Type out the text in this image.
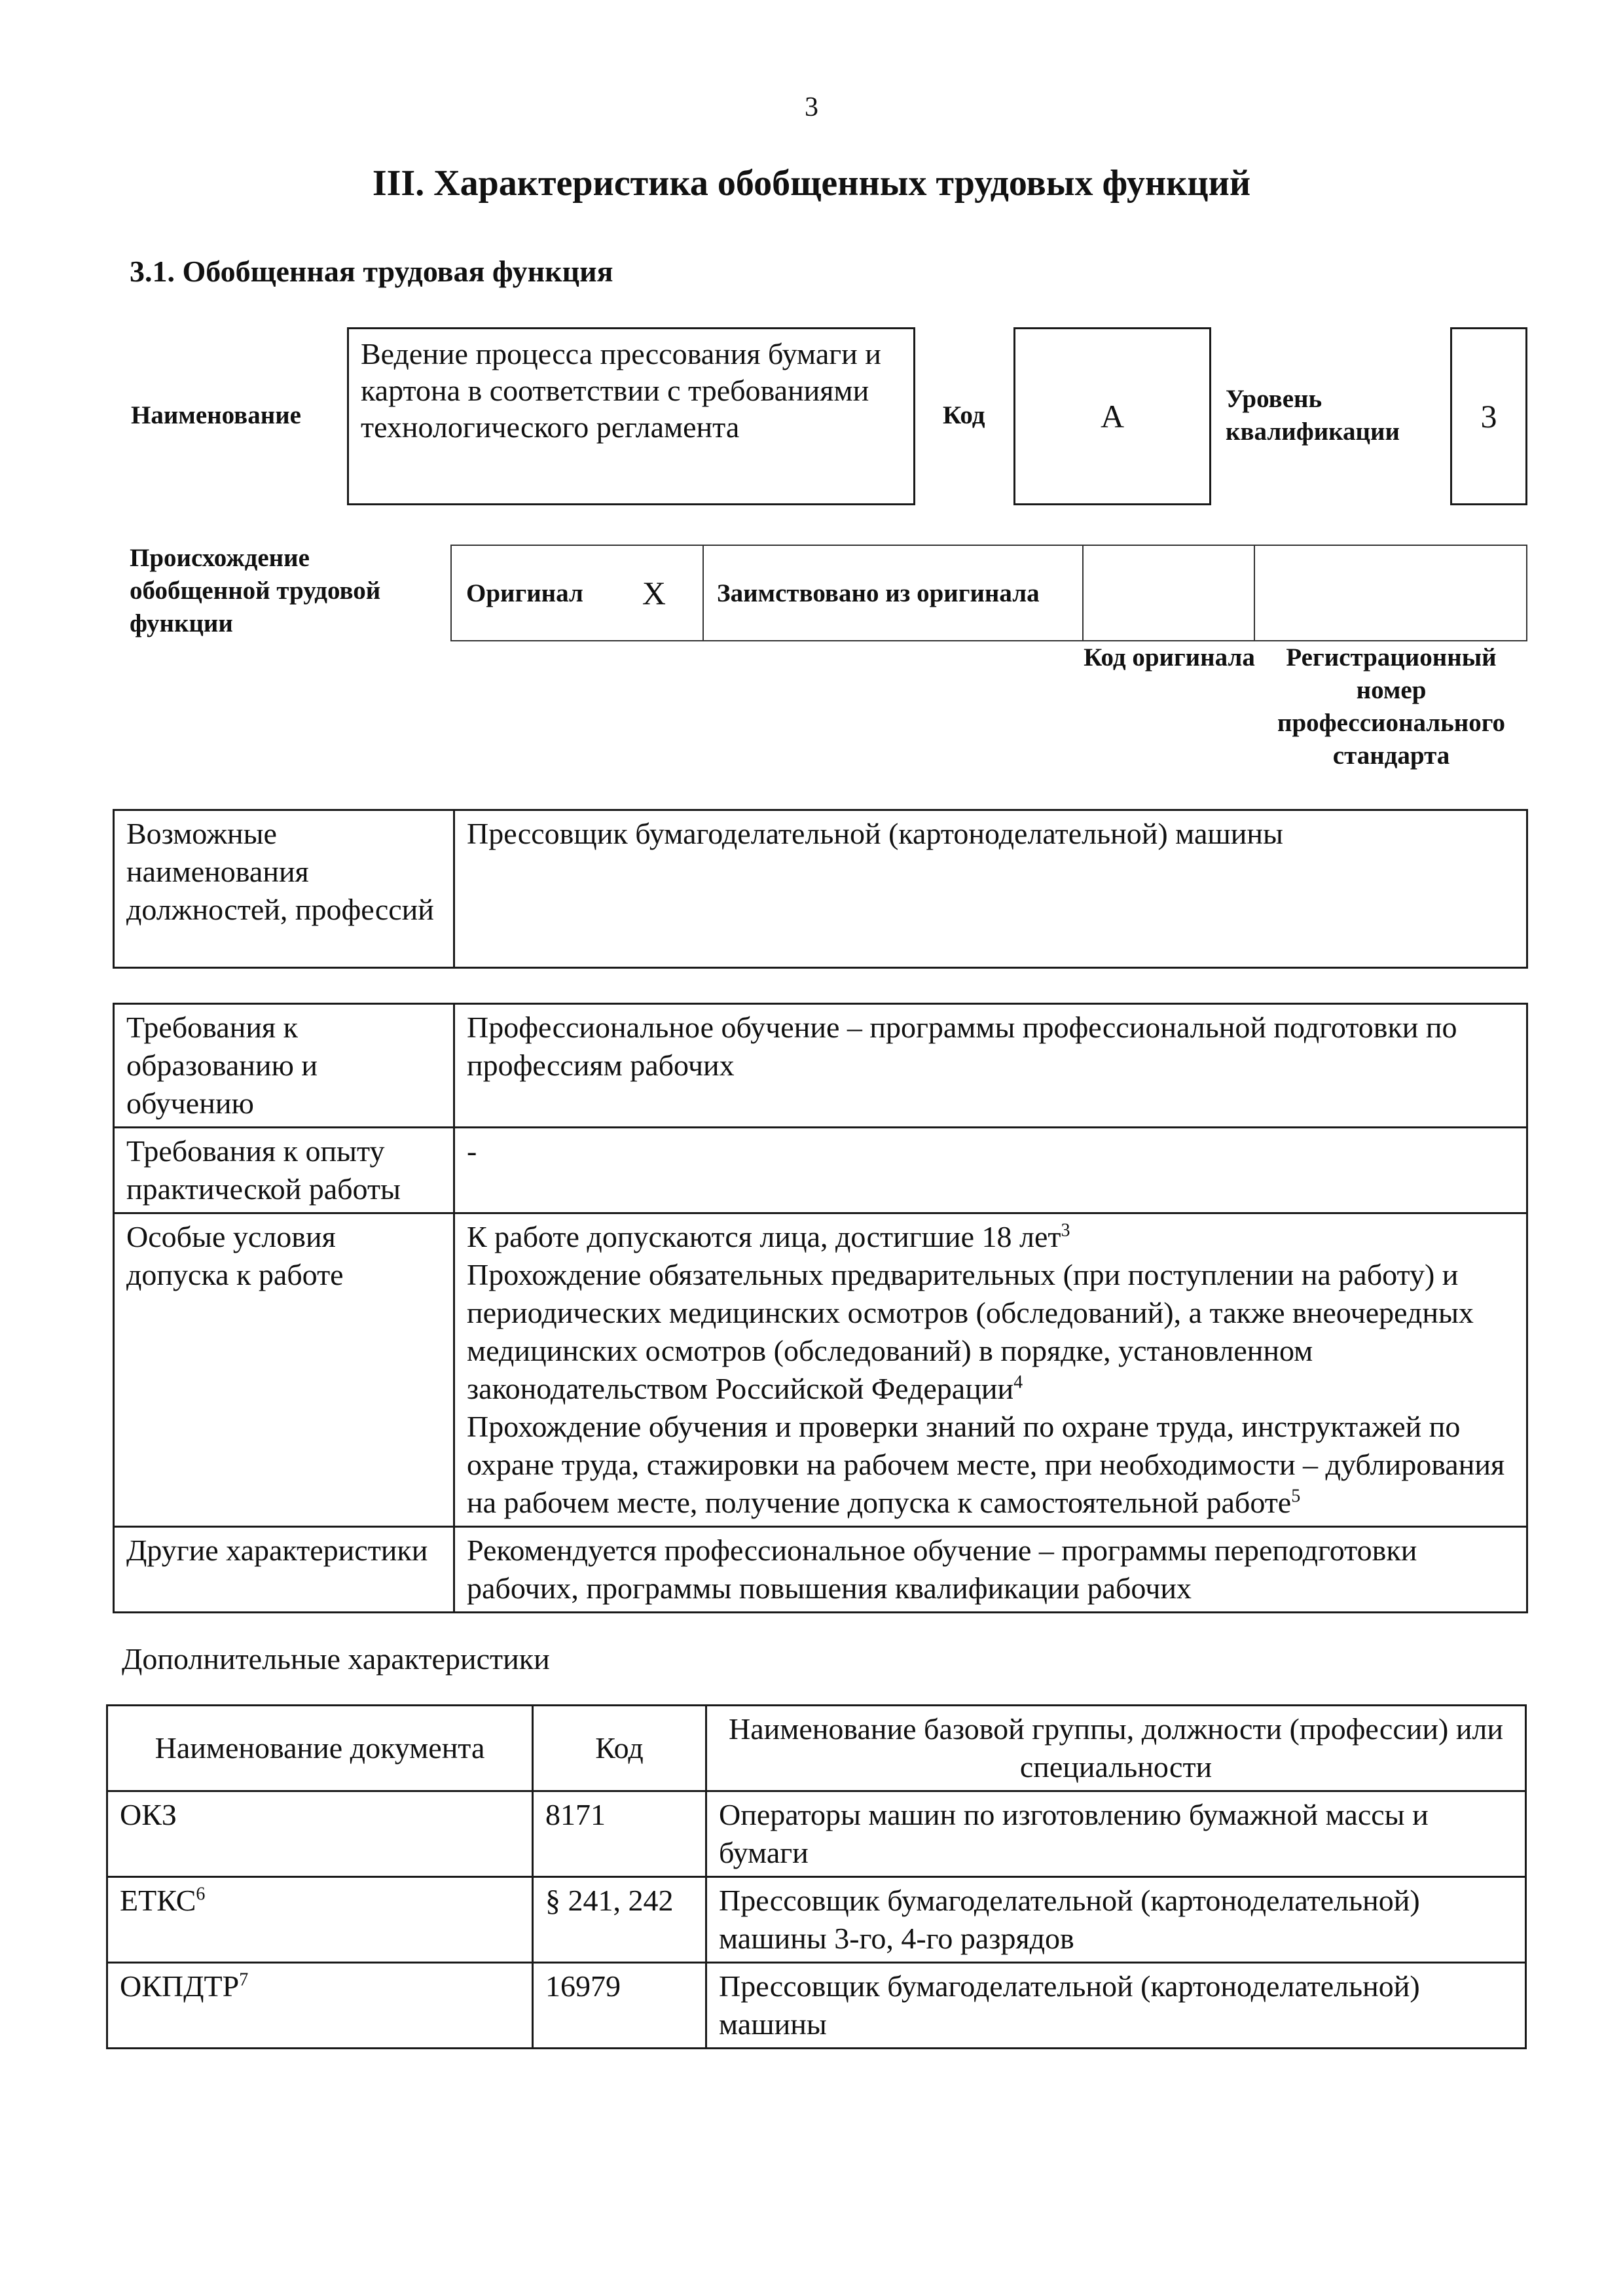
3
III. Характеристика обобщенных трудовых функций
3.1. Обобщенная трудовая функция
Наименование
Ведение процесса прессования бумаги и картона в соответствии с требованиями технологического регламента	Код	А	Уровень квалификации	3
Происхождение обобщенной трудовой функции
Оригинал Х	Заимствовано из оригинала
Код оригинала	Регистрационный номер профессионального стандарта
Возможные наименования должностей, профессий	Прессовщик бумагоделательной (картоноделательной) машины
Требования к образованию и обучению	Профессиональное обучение – программы профессиональной подготовки по профессиям рабочих
Требования к опыту практической работы	-
Особые условия допуска к работе	К работе допускаются лица, достигшие 18 лет$^3$
Прохождение обязательных предварительных (при поступлении на работу) и периодических медицинских осмотров (обследований), а также внеочередных медицинских осмотров (обследований) в порядке, установленном законодательством Российской Федерации$^4$
Прохождение обучения и проверки знаний по охране труда, инструктажей по охране труда, стажировки на рабочем месте, при необходимости – дублирования на рабочем месте, получение допуска к самостоятельной работе$^5$

Другие характеристики	Рекомендуется профессиональное обучение – программы переподготовки рабочих, программы повышения квалификации рабочих
Дополнительные характеристики
Наименование документа	Код	Наименование базовой группы, должности (профессии) или специальности
ОКЗ	8171	Операторы машин по изготовлению бумажной массы и бумаги
ЕТКС$^6$	§ 241, 242	Прессовщик бумагоделательной (картоноделательной) машины 3-го, 4-го разрядов
ОКПДТР$^7$	16979	Прессовщик бумагоделательной (картоноделательной) машины
